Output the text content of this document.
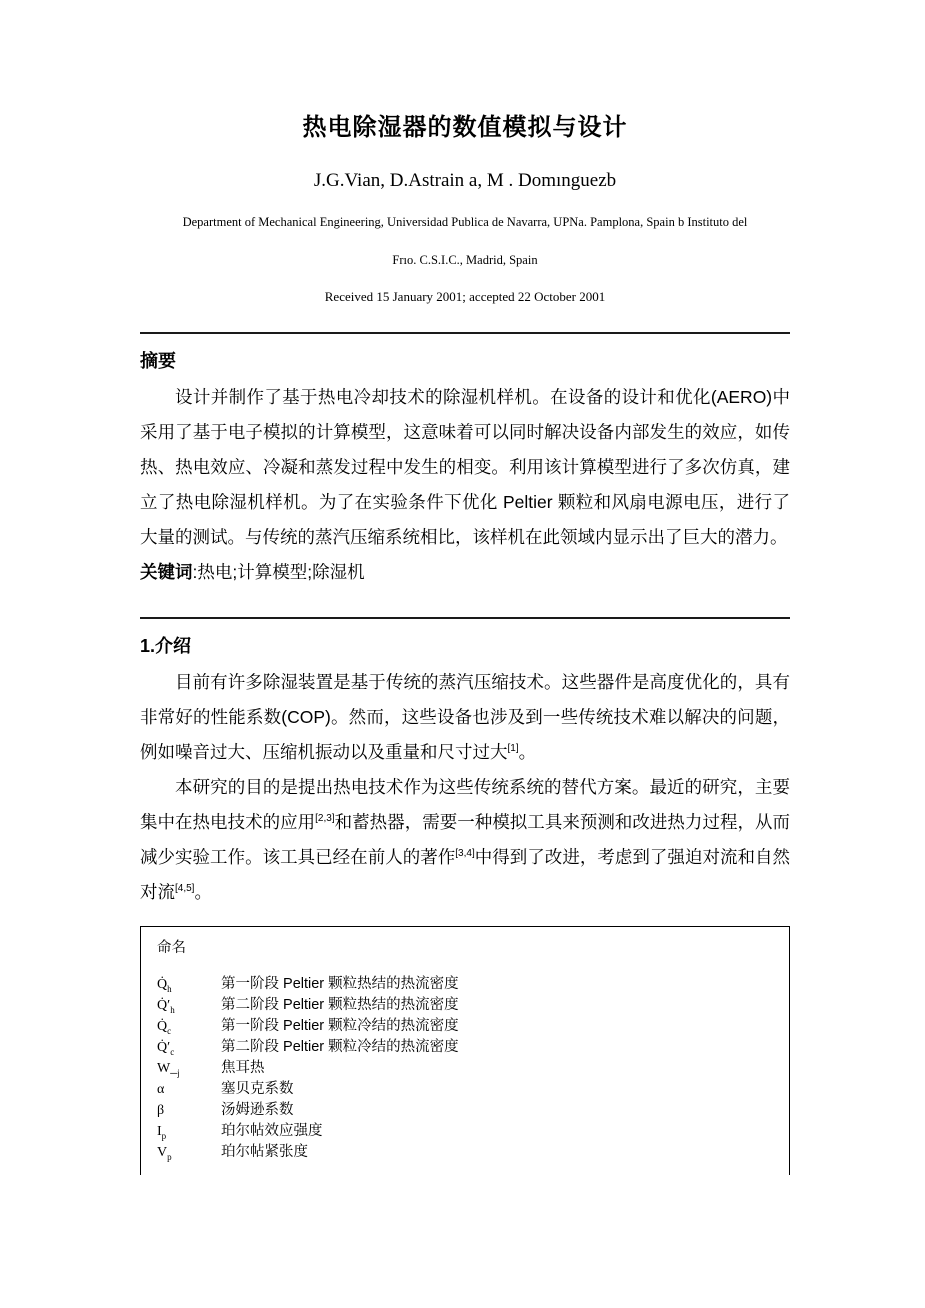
热电除湿器的数值模拟与设计
J.G.Vian, D.Astrain a, M . Domınguezb
Department of Mechanical Engineering, Universidad Publica de Navarra, UPNa. Pamplona, Spain b Instituto del
Frıo. C.S.I.C., Madrid, Spain
Received 15 January 2001; accepted 22 October 2001
摘要

设计并制作了基于热电冷却技术的除湿机样机。在设备的设计和优化(AERO)中采用了基于电子模拟的计算模型，这意味着可以同时解决设备内部发生的效应，如传热、热电效应、冷凝和蒸发过程中发生的相变。利用该计算模型进行了多次仿真，建立了热电除湿机样机。为了在实验条件下优化 Peltier 颗粒和风扇电源电压，进行了大量的测试。与传统的蒸汽压缩系统相比，该样机在此领域内显示出了巨大的潜力。

关键词:热电;计算模型;除湿机

1.介绍

目前有许多除湿装置是基于传统的蒸汽压缩技术。这些器件是高度优化的，具有非常好的性能系数(COP)。然而，这些设备也涉及到一些传统技术难以解决的问题，例如噪音过大、压缩机振动以及重量和尺寸过大[1]。

本研究的目的是提出热电技术作为这些传统系统的替代方案。最近的研究，主要集中在热电技术的应用[2,3]和蓄热器，需要一种模拟工具来预测和改进热力过程，从而减少实验工作。该工具已经在前人的著作[3,4]中得到了改进，考虑到了强迫对流和自然对流[4,5]。

命名
$Q̇_h$	第一阶段 Peltier 颗粒热结的热流密度
$Q̇'_h$	第二阶段 Peltier 颗粒热结的热流密度
$Q̇_c$	第一阶段 Peltier 颗粒冷结的热流密度
$Q̇'_c$	第二阶段 Peltier 颗粒冷结的热流密度
$W\__j$	焦耳热
α	塞贝克系数
β	汤姆逊系数
$I_p$	珀尔帖效应强度
$V_p$	珀尔帖紧张度
